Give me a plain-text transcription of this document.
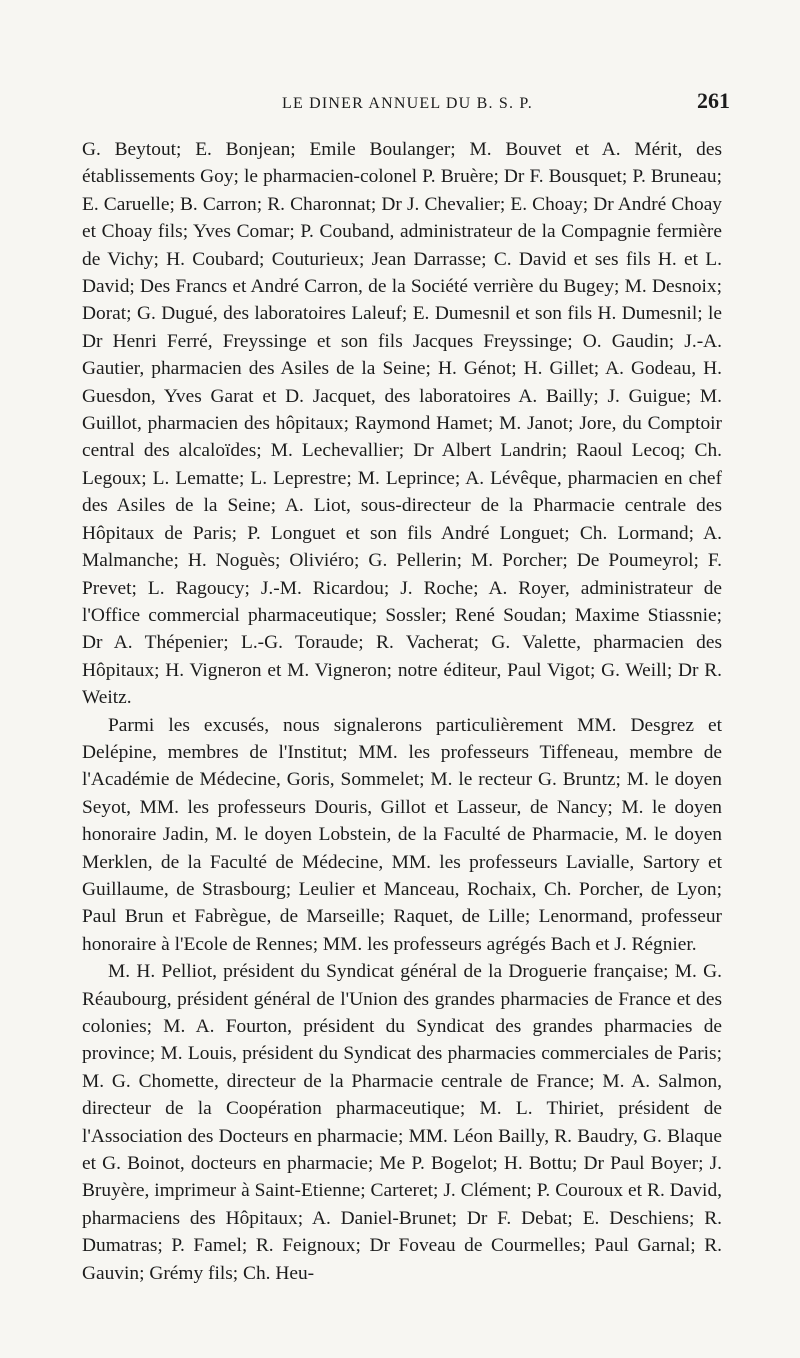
LE DINER ANNUEL DU B. S. P.	261

G. Beytout; E. Bonjean; Emile Boulanger; M. Bouvet et A. Mérit, des établissements Goy; le pharmacien-colonel P. Bruère; Dr F. Bousquet; P. Bruneau; E. Caruelle; B. Carron; R. Charonnat; Dr J. Chevalier; E. Choay; Dr André Choay et Choay fils; Yves Comar; P. Couband, administrateur de la Compagnie fermière de Vichy; H. Coubard; Couturieux; Jean Darrasse; C. David et ses fils H. et L. David; Des Francs et André Carron, de la Société verrière du Bugey; M. Desnoix; Dorat; G. Dugué, des laboratoires Laleuf; E. Dumesnil et son fils H. Dumesnil; le Dr Henri Ferré, Freyssinge et son fils Jacques Freyssinge; O. Gaudin; J.-A. Gautier, pharmacien des Asiles de la Seine; H. Génot; H. Gillet; A. Godeau, H. Guesdon, Yves Garat et D. Jacquet, des laboratoires A. Bailly; J. Guigue; M. Guillot, pharmacien des hôpitaux; Raymond Hamet; M. Janot; Jore, du Comptoir central des alcaloïdes; M. Lechevallier; Dr Albert Landrin; Raoul Lecoq; Ch. Legoux; L. Lematte; L. Leprestre; M. Leprince; A. Lévêque, pharmacien en chef des Asiles de la Seine; A. Liot, sous-directeur de la Pharmacie centrale des Hôpitaux de Paris; P. Longuet et son fils André Longuet; Ch. Lormand; A. Malmanche; H. Noguès; Oliviéro; G. Pellerin; M. Porcher; De Poumeyrol; F. Prevet; L. Ragoucy; J.-M. Ricardou; J. Roche; A. Royer, administrateur de l'Office commercial pharmaceutique; Sossler; René Soudan; Maxime Stiassnie; Dr A. Thépenier; L.-G. Toraude; R. Vacherat; G. Valette, pharmacien des Hôpitaux; H. Vigneron et M. Vigneron; notre éditeur, Paul Vigot; G. Weill; Dr R. Weitz.

Parmi les excusés, nous signalerons particulièrement MM. Desgrez et Delépine, membres de l'Institut; MM. les professeurs Tiffeneau, membre de l'Académie de Médecine, Goris, Sommelet; M. le recteur G. Bruntz; M. le doyen Seyot, MM. les professeurs Douris, Gillot et Lasseur, de Nancy; M. le doyen honoraire Jadin, M. le doyen Lobstein, de la Faculté de Pharmacie, M. le doyen Merklen, de la Faculté de Médecine, MM. les professeurs Lavialle, Sartory et Guillaume, de Strasbourg; Leulier et Manceau, Rochaix, Ch. Porcher, de Lyon; Paul Brun et Fabrègue, de Marseille; Raquet, de Lille; Lenormand, professeur honoraire à l'Ecole de Rennes; MM. les professeurs agrégés Bach et J. Régnier.

M. H. Pelliot, président du Syndicat général de la Droguerie française; M. G. Réaubourg, président général de l'Union des grandes pharmacies de France et des colonies; M. A. Fourton, président du Syndicat des grandes pharmacies de province; M. Louis, président du Syndicat des pharmacies commerciales de Paris; M. G. Chomette, directeur de la Pharmacie centrale de France; M. A. Salmon, directeur de la Coopération pharmaceutique; M. L. Thiriet, président de l'Association des Docteurs en pharmacie; MM. Léon Bailly, R. Baudry, G. Blaque et G. Boinot, docteurs en pharmacie; Me P. Bogelot; H. Bottu; Dr Paul Boyer; J. Bruyère, imprimeur à Saint-Etienne; Carteret; J. Clément; P. Couroux et R. David, pharmaciens des Hôpitaux; A. Daniel-Brunet; Dr F. Debat; E. Deschiens; R. Dumatras; P. Famel; R. Feignoux; Dr Foveau de Courmelles; Paul Garnal; R. Gauvin; Grémy fils; Ch. Heu-
